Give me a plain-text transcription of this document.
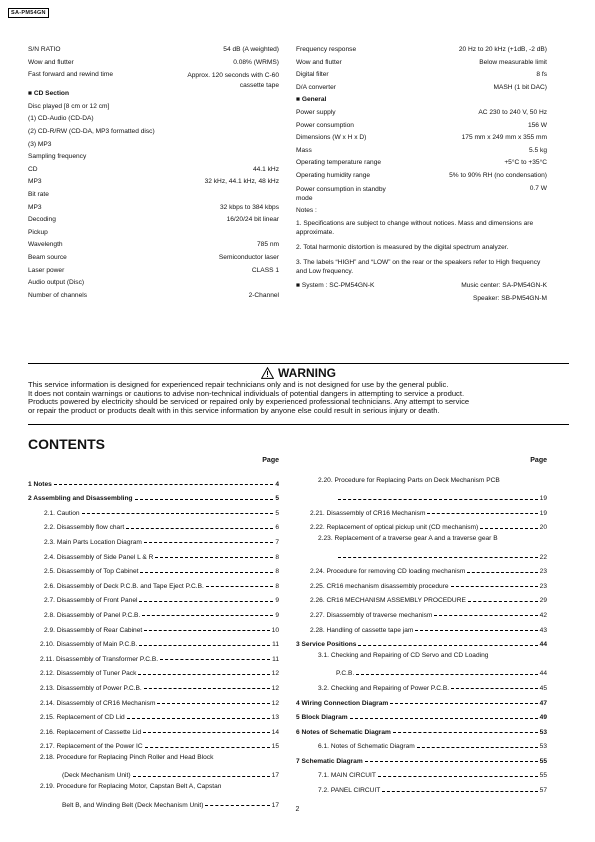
SA-PM54GN
S/N RATIO	54 dB (A weighted)
Wow and flutter	0.08% (WRMS)
Fast forward and rewind time	Approx. 120 seconds with C-60
cassette tape
■ CD Section
Disc played [8 cm or 12 cm]
(1) CD-Audio (CD-DA)
(2) CD-R/RW (CD-DA, MP3 formatted disc)
(3) MP3
Sampling frequency
CD	44.1 kHz
MP3	32 kHz, 44.1 kHz, 48 kHz
Bit rate
MP3	32 kbps to 384 kbps
Decoding	16/20/24 bit linear
Pickup
Wavelength	785 nm
Beam source	Semiconductor laser
Laser power	CLASS 1
Audio output (Disc)
Number of channels	2-Channel
Frequency response	20 Hz to 20 kHz (+1dB, -2 dB)
Wow and flutter	Below measurable limit
Digital filter	8 fs
D/A converter	MASH (1 bit DAC)
■ General
Power supply	AC 230 to 240 V, 50 Hz
Power consumption	156 W
Dimensions (W x H x D)	175 mm x 249 mm x 355 mm
Mass	5.5 kg
Operating temperature range	+5°C to +35°C
Operating humidity range	5% to 90% RH (no condensation)
Power consumption in standby
mode
0.7 W
Notes :
1. Specifications are subject to change without notices. Mass and dimensions are approximate.
2. Total harmonic distortion is measured by the digital spectrum analyzer.
3. The labels “HIGH” and “LOW” on the rear or the speakers refer to High frequency and Low frequency.
■ System : SC-PM54GN-K	Music center: SA-PM54GN-K
Speaker: SB-PM54GN-M
WARNING
This service information is designed for experienced repair technicians only and is not designed for use by the general public.
It does not contain warnings or cautions to advise non-technical individuals of potential dangers in attempting to service a product.
Products powered by electricity should be serviced or repaired only by experienced professional technicians. Any attempt to service
or repair the product or products dealt with in this service information by anyone else could result in serious injury or death.
CONTENTS
Page
1 Notes	4
2 Assembling and Disassembling	5
2.1. Caution	5
2.2. Disassembly flow chart	6
2.3. Main Parts Location Diagram	7
2.4. Disassembly of Side Panel L & R	8
2.5. Disassembly of Top Cabinet	8
2.6. Disassembly of Deck P.C.B. and Tape Eject P.C.B.	8
2.7. Disassembly of Front Panel	9
2.8. Disassembly of Panel P.C.B.	9
2.9. Disassembly of Rear Cabinet	10
2.10. Disassembly of Main P.C.B.	11
2.11. Disassembly of Transformer P.C.B.	11
2.12. Disassembly of Tuner Pack	12
2.13. Disassembly of Power P.C.B.	12
2.14. Disassembly of CR16 Mechanism	12
2.15. Replacement of CD Lid	13
2.16. Replacement of Cassette Lid	14
2.17. Replacement of the Power IC	15
2.18. Procedure for Replacing Pinch Roller and Head Block
(Deck Mechanism Unit)	17
2.19. Procedure for Replacing Motor, Capstan Belt A, Capstan
Belt B, and Winding Belt (Deck Mechanism Unit)	17
Page
2.20. Procedure for Replacing Parts on Deck Mechanism PCB
19
2.21. Disassembly of CR16 Mechanism	19
2.22. Replacement of optical pickup unit (CD mechanism)	20
2.23. Replacement of a traverse gear A and a traverse gear B
22
2.24. Procedure for removing CD loading mechanism	23
2.25. CR16 mechanism disassembly procedure	23
2.26. CR16 MECHANISM ASSEMBLY PROCEDURE	29
2.27. Disassembly of traverse mechanism	42
2.28. Handling of cassette tape jam	43
3 Service Positions	44
3.1. Checking and Repairing of CD Servo and CD Loading
P.C.B.	44
3.2. Checking and Repairing of Power P.C.B.	45
4 Wiring Connection Diagram	47
5 Block Diagram	49
6 Notes of Schematic Diagram	53
6.1. Notes of Schematic Diagram	53
7 Schematic Diagram	55
7.1. MAIN CIRCUIT	55
7.2. PANEL CIRCUIT	57
2
